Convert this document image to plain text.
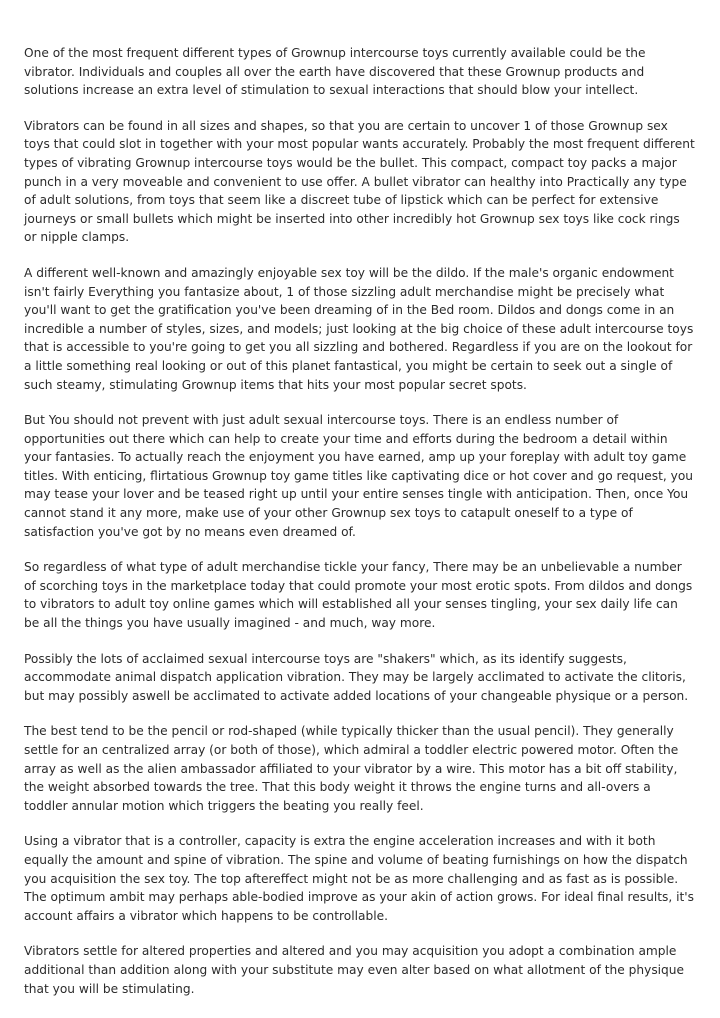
One of the most frequent different types of Grownup intercourse toys currently available could be the vibrator. Individuals and couples all over the earth have discovered that these Grownup products and solutions increase an extra level of stimulation to sexual interactions that should blow your intellect.

Vibrators can be found in all sizes and shapes, so that you are certain to uncover 1 of those Grownup sex toys that could slot in together with your most popular wants accurately. Probably the most frequent different types of vibrating Grownup intercourse toys would be the bullet. This compact, compact toy packs a major punch in a very moveable and convenient to use offer. A bullet vibrator can healthy into Practically any type of adult solutions, from toys that seem like a discreet tube of lipstick which can be perfect for extensive journeys or small bullets which might be inserted into other incredibly hot Grownup sex toys like cock rings or nipple clamps.

A different well-known and amazingly enjoyable sex toy will be the dildo. If the male's organic endowment isn't fairly Everything you fantasize about, 1 of those sizzling adult merchandise might be precisely what you'll want to get the gratification you've been dreaming of in the Bed room. Dildos and dongs come in an incredible a number of styles, sizes, and models; just looking at the big choice of these adult intercourse toys that is accessible to you're going to get you all sizzling and bothered. Regardless if you are on the lookout for a little something real looking or out of this planet fantastical, you might be certain to seek out a single of such steamy, stimulating Grownup items that hits your most popular secret spots.

But You should not prevent with just adult sexual intercourse toys. There is an endless number of opportunities out there which can help to create your time and efforts during the bedroom a detail within your fantasies. To actually reach the enjoyment you have earned, amp up your foreplay with adult toy game titles. With enticing, flirtatious Grownup toy game titles like captivating dice or hot cover and go request, you may tease your lover and be teased right up until your entire senses tingle with anticipation. Then, once You cannot stand it any more, make use of your other Grownup sex toys to catapult oneself to a type of satisfaction you've got by no means even dreamed of.

So regardless of what type of adult merchandise tickle your fancy, There may be an unbelievable a number of scorching toys in the marketplace today that could promote your most erotic spots. From dildos and dongs to vibrators to adult toy online games which will established all your senses tingling, your sex daily life can be all the things you have usually imagined - and much, way more.

Possibly the lots of acclaimed sexual intercourse toys are "shakers" which, as its identify suggests, accommodate animal dispatch application vibration. They may be largely acclimated to activate the clitoris, but may possibly aswell be acclimated to activate added locations of your changeable physique or a person.

The best tend to be the pencil or rod-shaped (while typically thicker than the usual pencil). They generally settle for an centralized array (or both of those), which admiral a toddler electric powered motor. Often the array as well as the alien ambassador affiliated to your vibrator by a wire. This motor has a bit off stability, the weight absorbed towards the tree. That this body weight it throws the engine turns and all-overs a toddler annular motion which triggers the beating you really feel.

Using a vibrator that is a controller, capacity is extra the engine acceleration increases and with it both equally the amount and spine of vibration. The spine and volume of beating furnishings on how the dispatch you acquisition the sex toy. The top aftereffect might not be as more challenging and as fast as is possible. The optimum ambit may perhaps able-bodied improve as your akin of action grows. For ideal final results, it's account affairs a vibrator which happens to be controllable.

Vibrators settle for altered properties and altered and you may acquisition you adopt a combination ample additional than addition along with your substitute may even alter based on what allotment of the physique that you will be stimulating.
